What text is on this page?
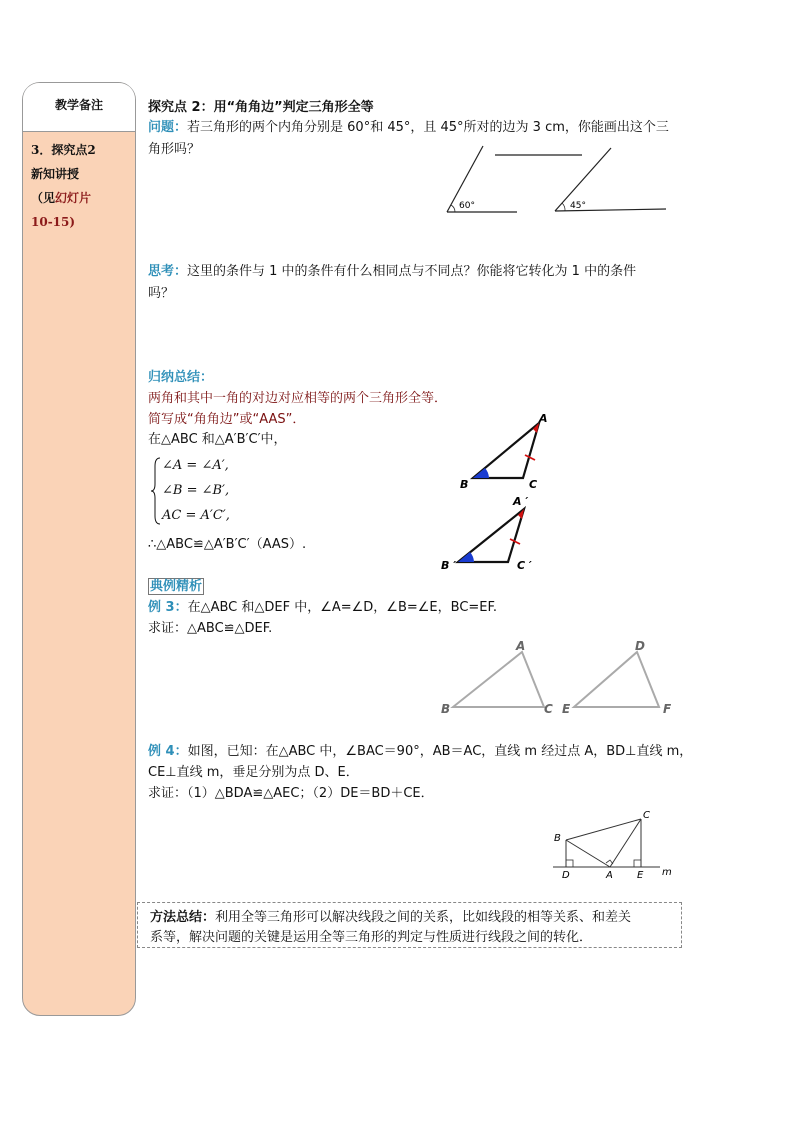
教学备注
3．探究点2
新知讲授
（见幻灯片
10-15)
探究点 2：用“角角边”判定三角形全等
问题：若三角形的两个内角分别是 60°和 45°，且 45°所对的边为 3 cm，你能画出这个三
角形吗？
60°	45°
思考：这里的条件与 1 中的条件有什么相同点与不同点？你能将它转化为 1 中的条件
吗？
归纳总结：
两角和其中一角的对边对应相等的两个三角形全等．
简写成“角角边”或“AAS”．
在△ABC 和△A′B′C′中，
∠A = ∠A′,
∠B = ∠B′,
AC = A′C′,
∴△ABC≌△A′B′C′（AAS）.
A
B	C
A ′
B ′	C ′
典例精析
例 3：在△ABC 和△DEF 中，∠A=∠D，∠B=∠E，BC=EF.
求证：△ABC≌△DEF.
A
B	C
D
E	F
例 4：如图，已知：在△ABC 中，∠BAC＝90°，AB＝AC，直线 m 经过点 A，BD⊥直线 m，
CE⊥直线 m，垂足分别为点 D、E．
求证：（1）△BDA≌△AEC；（2）DE＝BD＋CE．
B
C
D	A E m
方法总结：利用全等三角形可以解决线段之间的关系，比如线段的相等关系、和差关
系等，解决问题的关键是运用全等三角形的判定与性质进行线段之间的转化．
